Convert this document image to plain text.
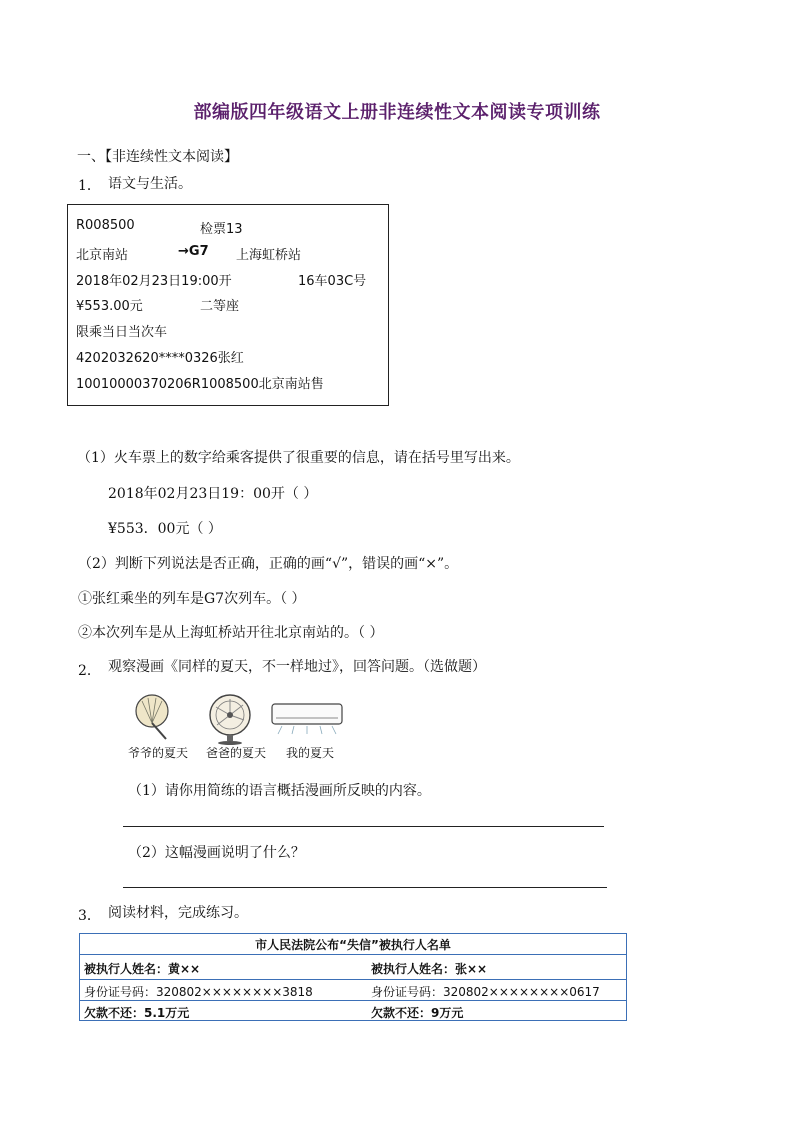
部编版四年级语文上册非连续性文本阅读专项训练
一、【非连续性文本阅读】
1． 语文与生活。
R008500	检票13
北京南站	→G7 上海虹桥站
2018年02月23日19:00开	16车03C号
¥553.00元	二等座
限乘当日当次车
4202032620****0326张红
10010000370206R1008500北京南站售
（1）火车票上的数字给乘客提供了很重要的信息，请在括号里写出来。
2018年02月23日19：00开（ ）
¥553．00元（ ）
（2）判断下列说法是否正确，正确的画“√”，错误的画“×”。
①张红乘坐的列车是G7次列车。（ ）
②本次列车是从上海虹桥站开往北京南站的。（ ）
2． 观察漫画《同样的夏天，不一样地过》，回答问题。（选做题）
爷爷的夏天 爸爸的夏天 我的夏天
（1）请你用简练的语言概括漫画所反映的内容。
（2）这幅漫画说明了什么？
3． 阅读材料，完成练习。
市人民法院公布“失信”被执行人名单
被执行人姓名：黄××	被执行人姓名：张××
身份证号码：320802××××××××3818	身份证号码：320802××××××××0617
欠款不还：5.1万元	欠款不还：9万元
